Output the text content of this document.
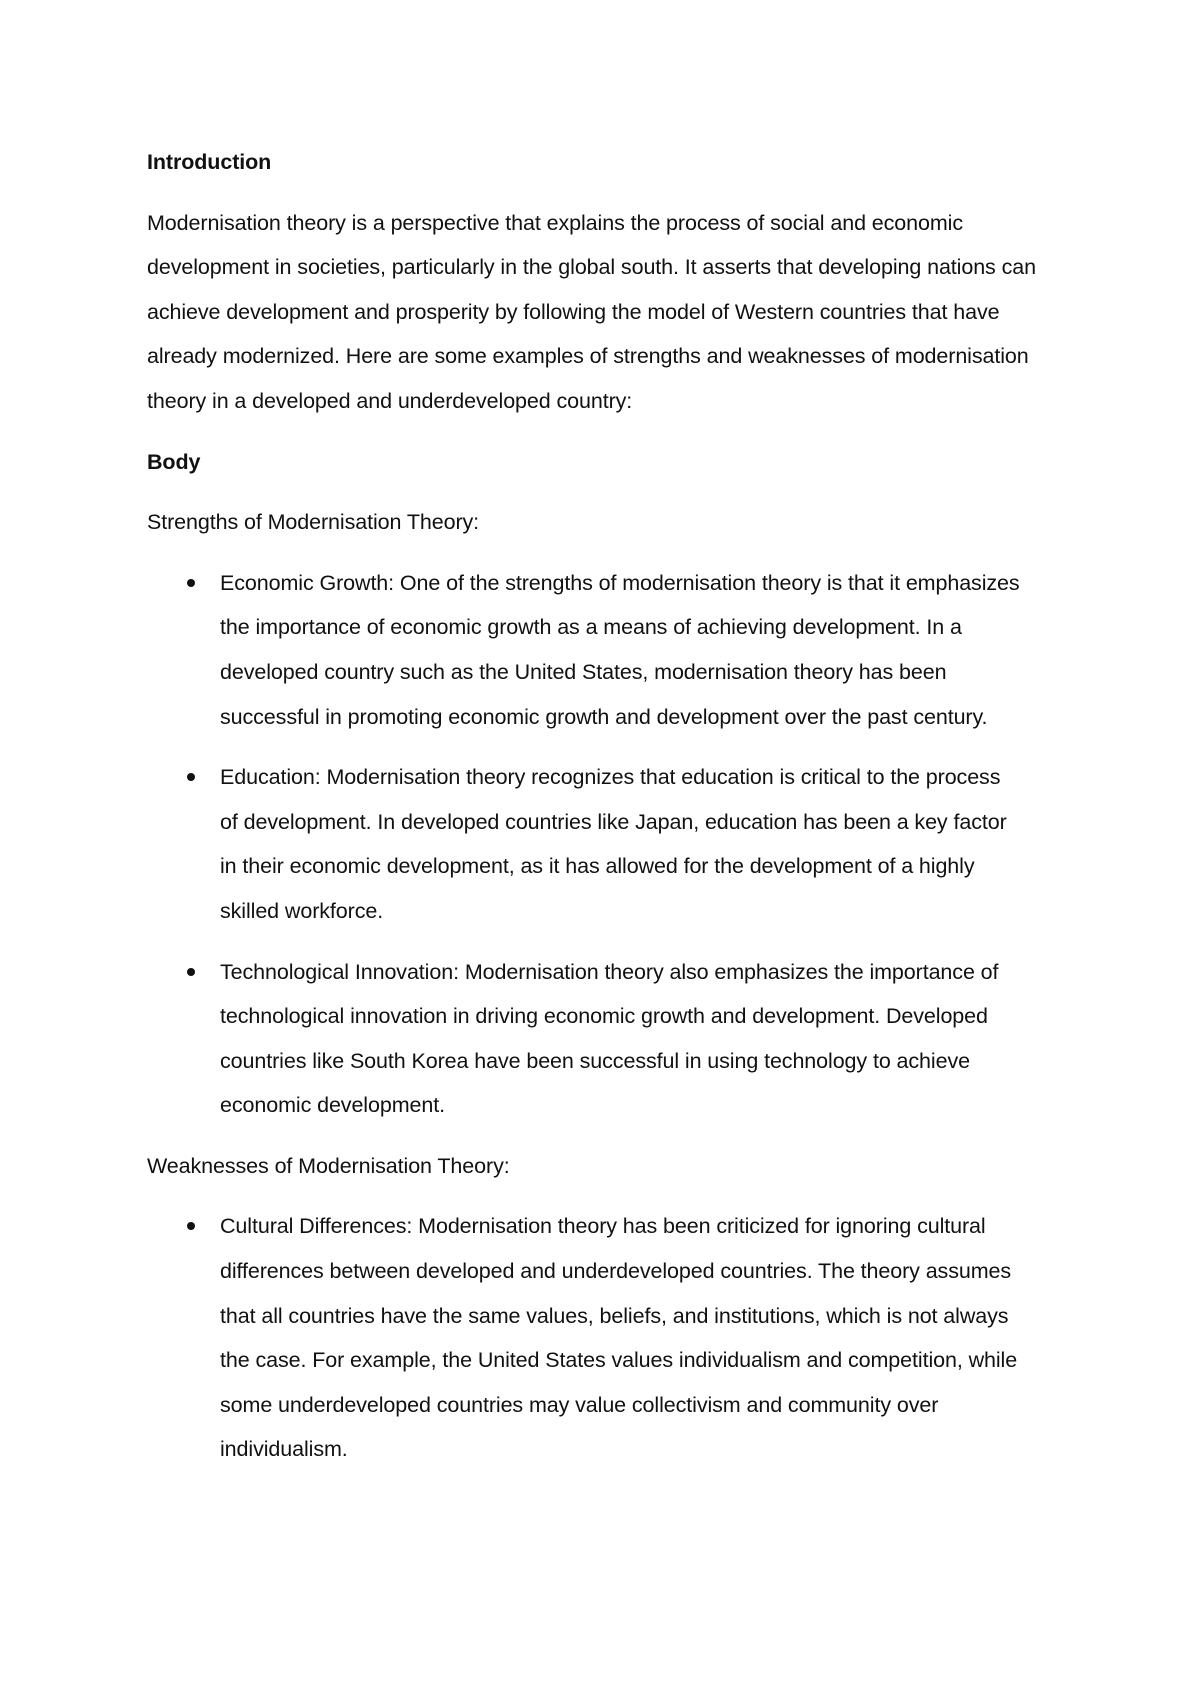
Introduction
Modernisation theory is a perspective that explains the process of social and economic development in societies, particularly in the global south. It asserts that developing nations can achieve development and prosperity by following the model of Western countries that have already modernized. Here are some examples of strengths and weaknesses of modernisation theory in a developed and underdeveloped country:
Body
Strengths of Modernisation Theory:
Economic Growth: One of the strengths of modernisation theory is that it emphasizes the importance of economic growth as a means of achieving development. In a developed country such as the United States, modernisation theory has been successful in promoting economic growth and development over the past century.
Education: Modernisation theory recognizes that education is critical to the process of development. In developed countries like Japan, education has been a key factor in their economic development, as it has allowed for the development of a highly skilled workforce.
Technological Innovation: Modernisation theory also emphasizes the importance of technological innovation in driving economic growth and development. Developed countries like South Korea have been successful in using technology to achieve economic development.
Weaknesses of Modernisation Theory:
Cultural Differences: Modernisation theory has been criticized for ignoring cultural differences between developed and underdeveloped countries. The theory assumes that all countries have the same values, beliefs, and institutions, which is not always the case. For example, the United States values individualism and competition, while some underdeveloped countries may value collectivism and community over individualism.
